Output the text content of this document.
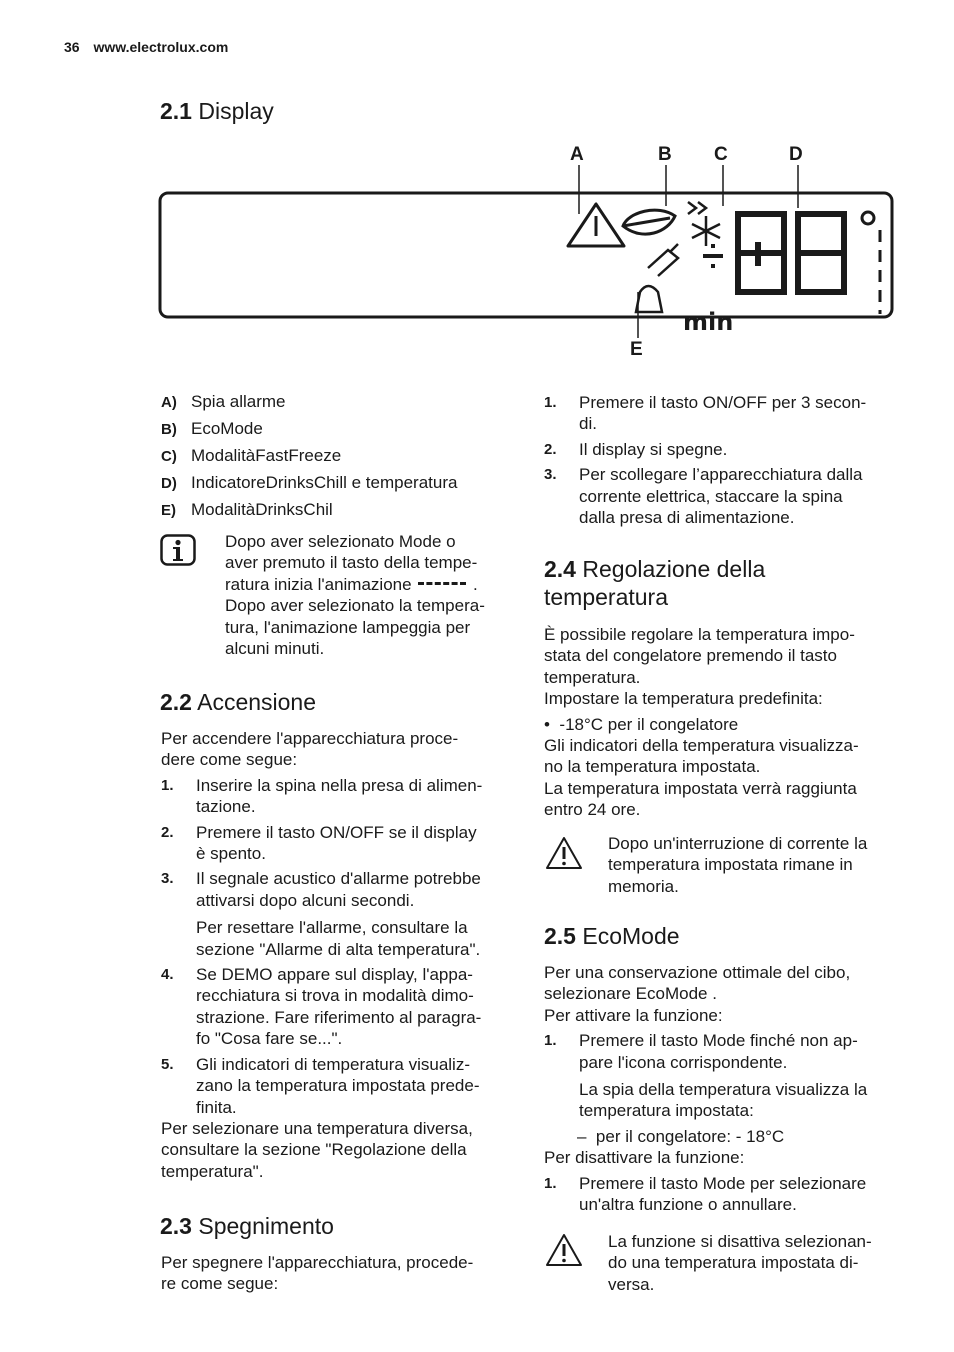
36 www.electrolux.com
2.1 Display
min
A	B C	D
E
A) Spia allarme
B) EcoMode
C) ModalitàFastFreeze
D) IndicatoreDrinksChill e temperatura
E) ModalitàDrinksChil
Dopo aver selezionato Mode o
aver premuto il tasto della tempe-
ratura inizia l'animazione	.
Dopo aver selezionato la tempera-
tura, l'animazione lampeggia per
alcuni minuti.
2.2 Accensione
Per accendere l'apparecchiatura proce-
dere come segue:
1. Inserire la spina nella presa di alimen-
tazione.
2. Premere il tasto ON/OFF se il display
è spento.
3. Il segnale acustico d'allarme potrebbe
attivarsi dopo alcuni secondi.
Per resettare l'allarme, consultare la
sezione "Allarme di alta temperatura".
4. Se DEMO appare sul display, l'appa-
recchiatura si trova in modalità dimo-
strazione. Fare riferimento al paragra-
fo "Cosa fare se...".
5. Gli indicatori di temperatura visualiz-
zano la temperatura impostata prede-
finita.
Per selezionare una temperatura diversa,
consultare la sezione "Regolazione della
temperatura".
2.3 Spegnimento
Per spegnere l'apparecchiatura, procede-
re come segue:
1. Premere il tasto ON/OFF per 3 secon-
di.
2. Il display si spegne.
3. Per scollegare l’apparecchiatura dalla
corrente elettrica, staccare la spina
dalla presa di alimentazione.
2.4 Regolazione della
temperatura
È possibile regolare la temperatura impo-
stata del congelatore premendo il tasto
temperatura.
Impostare la temperatura predefinita:
•  -18°C per il congelatore
Gli indicatori della temperatura visualizza-
no la temperatura impostata.
La temperatura impostata verrà raggiunta
entro 24 ore.
Dopo un'interruzione di corrente la
temperatura impostata rimane in
memoria.
2.5 EcoMode
Per una conservazione ottimale del cibo,
selezionare EcoMode .
Per attivare la funzione:
1. Premere il tasto Mode finché non ap-
pare l'icona corrispondente.
La spia della temperatura visualizza la
temperatura impostata:
– per il congelatore: - 18°C
Per disattivare la funzione:
1. Premere il tasto Mode per selezionare
un'altra funzione o annullare.
La funzione si disattiva selezionan-
do una temperatura impostata di-
versa.
